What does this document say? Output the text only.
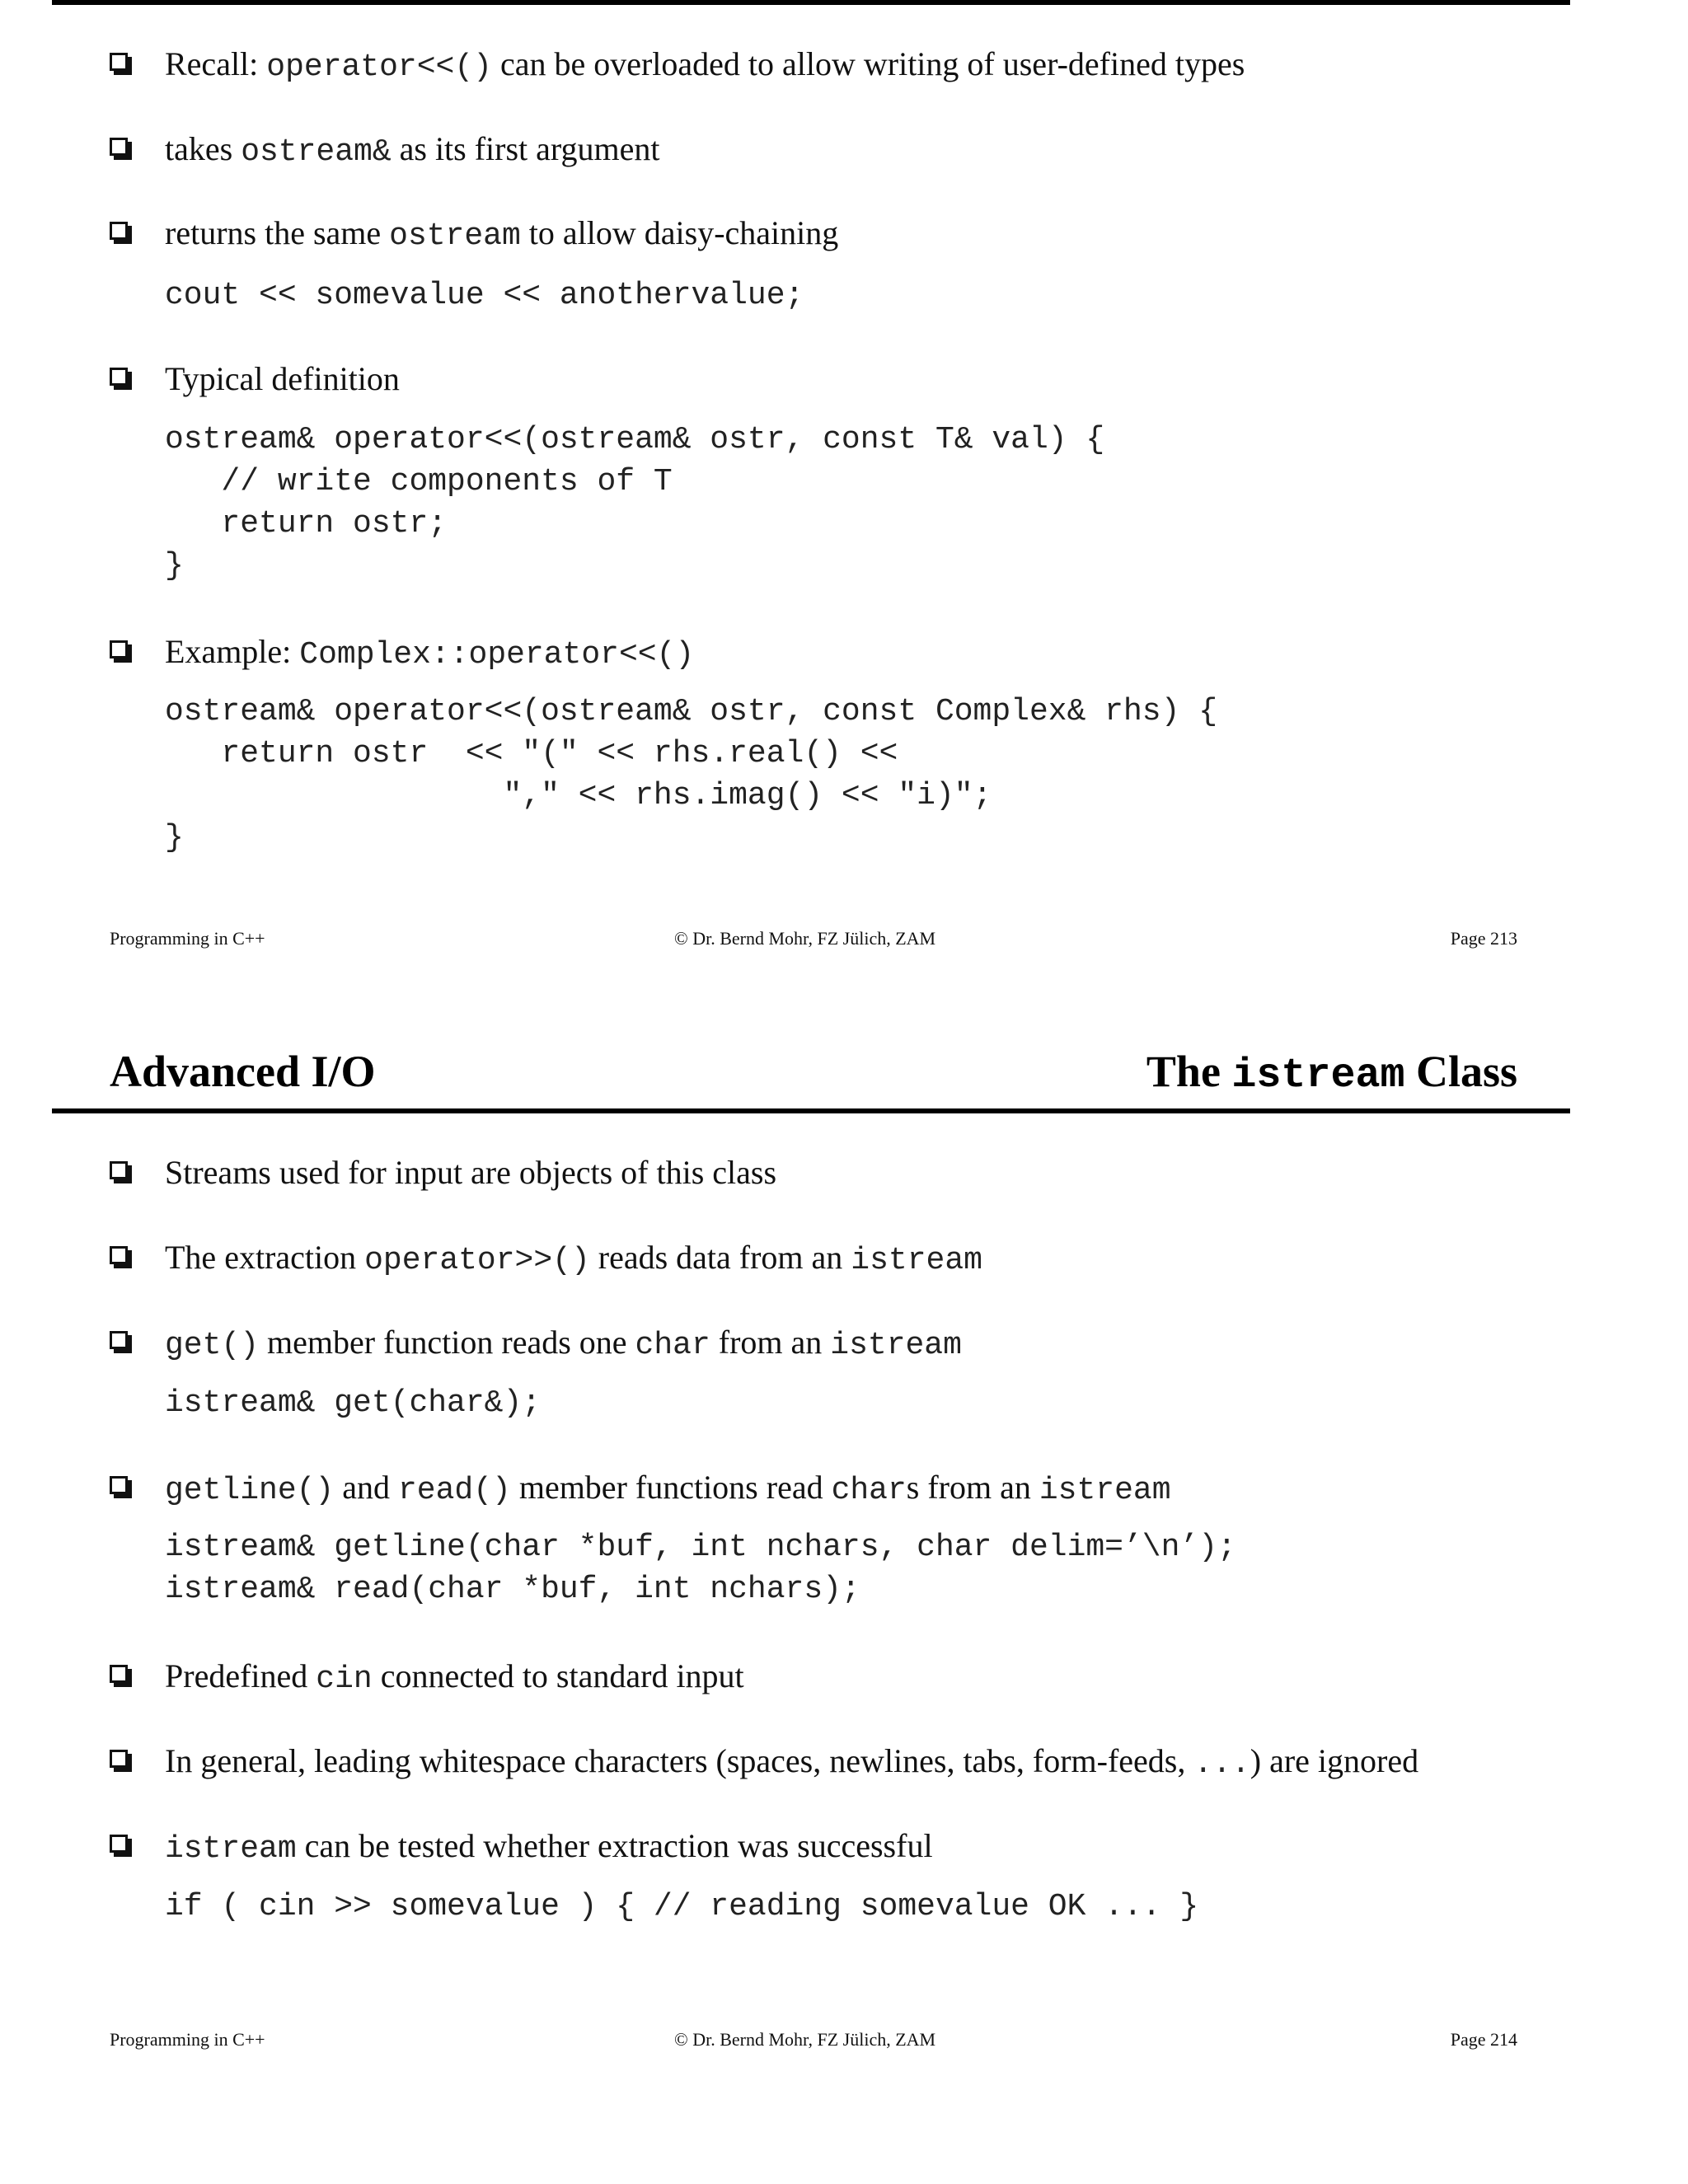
Recall: operator<<() can be overloaded to allow writing of user-defined types
takes ostream& as its first argument
returns the same ostream to allow daisy-chaining
cout << somevalue << anothervalue;
Typical definition
ostream& operator<<(ostream& ostr, const T& val) {
// write components of T
return ostr;
}
Example: Complex::operator<<()
ostream& operator<<(ostream& ostr, const Complex& rhs) {
return ostr  << "(" << rhs.real() <<
"," << rhs.imag() << "i)";
}
Programming in C++	© Dr. Bernd Mohr, FZ Jülich, ZAM	Page 213
Advanced I/O	The istream Class
Streams used for input are objects of this class
The extraction operator>>() reads data from an istream
get() member function reads one char from an istream
istream& get(char&);
getline() and read() member functions read chars from an istream
istream& getline(char *buf, int nchars, char delim=’\n’);
istream& read(char *buf, int nchars);
Predefined cin connected to standard input
In general, leading whitespace characters (spaces, newlines, tabs, form-feeds, ...) are ignored
istream can be tested whether extraction was successful
if ( cin >> somevalue ) { // reading somevalue OK ... }
Programming in C++	© Dr. Bernd Mohr, FZ Jülich, ZAM	Page 214
